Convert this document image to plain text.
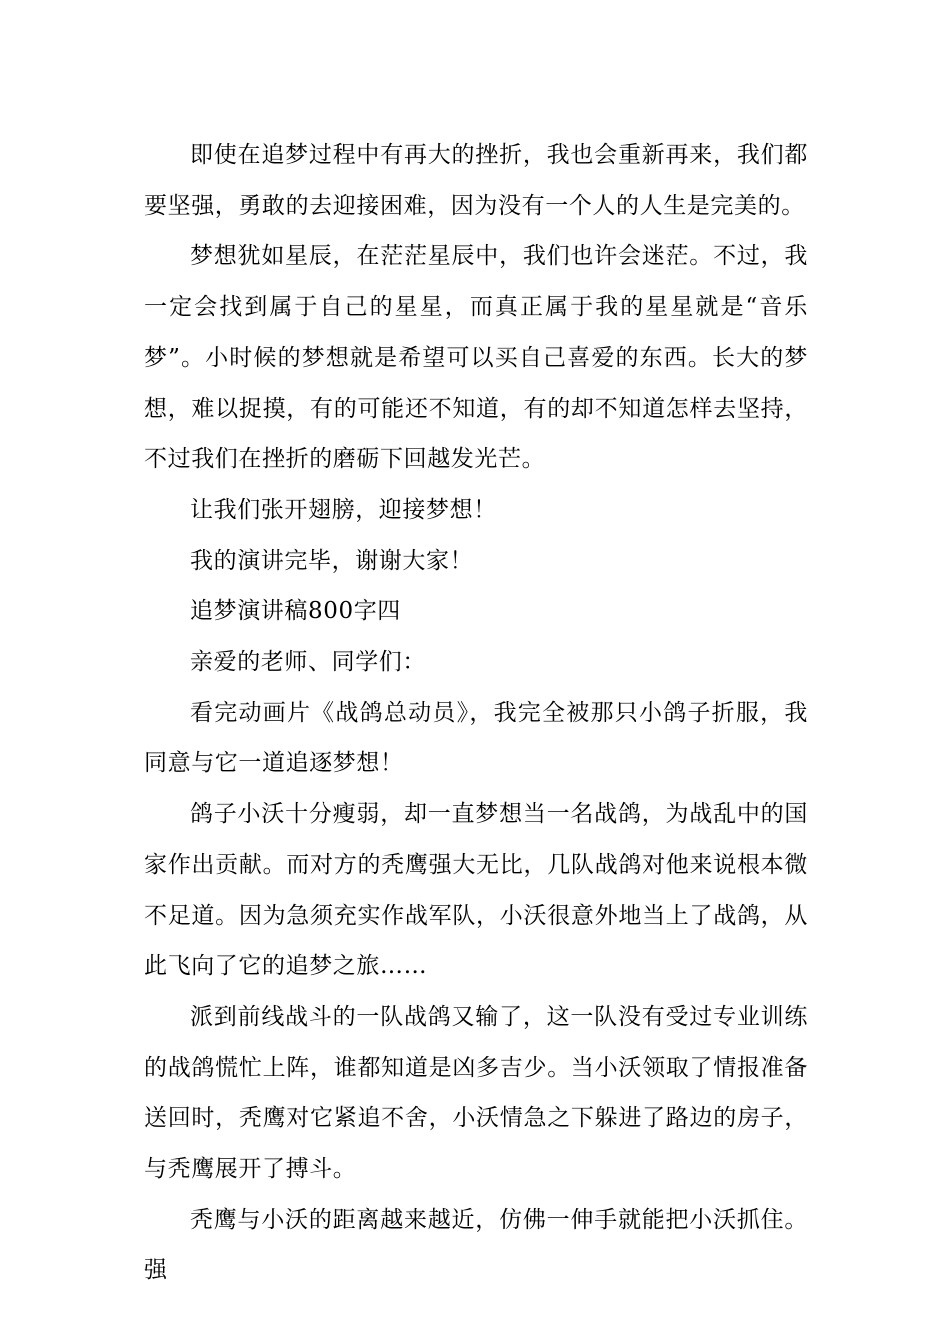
即使在追梦过程中有再大的挫折，我也会重新再来，我们都要坚强，勇敢的去迎接困难，因为没有一个人的人生是完美的。

梦想犹如星辰，在茫茫星辰中，我们也许会迷茫。不过，我一定会找到属于自己的星星，而真正属于我的星星就是“音乐梦”。小时候的梦想就是希望可以买自己喜爱的东西。长大的梦想，难以捉摸，有的可能还不知道，有的却不知道怎样去坚持，不过我们在挫折的磨砺下回越发光芒。

让我们张开翅膀，迎接梦想！

我的演讲完毕，谢谢大家！

追梦演讲稿800字四

亲爱的老师、同学们：

看完动画片《战鸽总动员》，我完全被那只小鸽子折服，我同意与它一道追逐梦想！

鸽子小沃十分瘦弱，却一直梦想当一名战鸽，为战乱中的国家作出贡献。而对方的秃鹰强大无比，几队战鸽对他来说根本微不足道。因为急须充实作战军队，小沃很意外地当上了战鸽，从此飞向了它的追梦之旅……

派到前线战斗的一队战鸽又输了，这一队没有受过专业训练的战鸽慌忙上阵，谁都知道是凶多吉少。当小沃领取了情报准备送回时，秃鹰对它紧追不舍，小沃情急之下躲进了路边的房子，与秃鹰展开了搏斗。

秃鹰与小沃的距离越来越近，仿佛一伸手就能把小沃抓住。强
